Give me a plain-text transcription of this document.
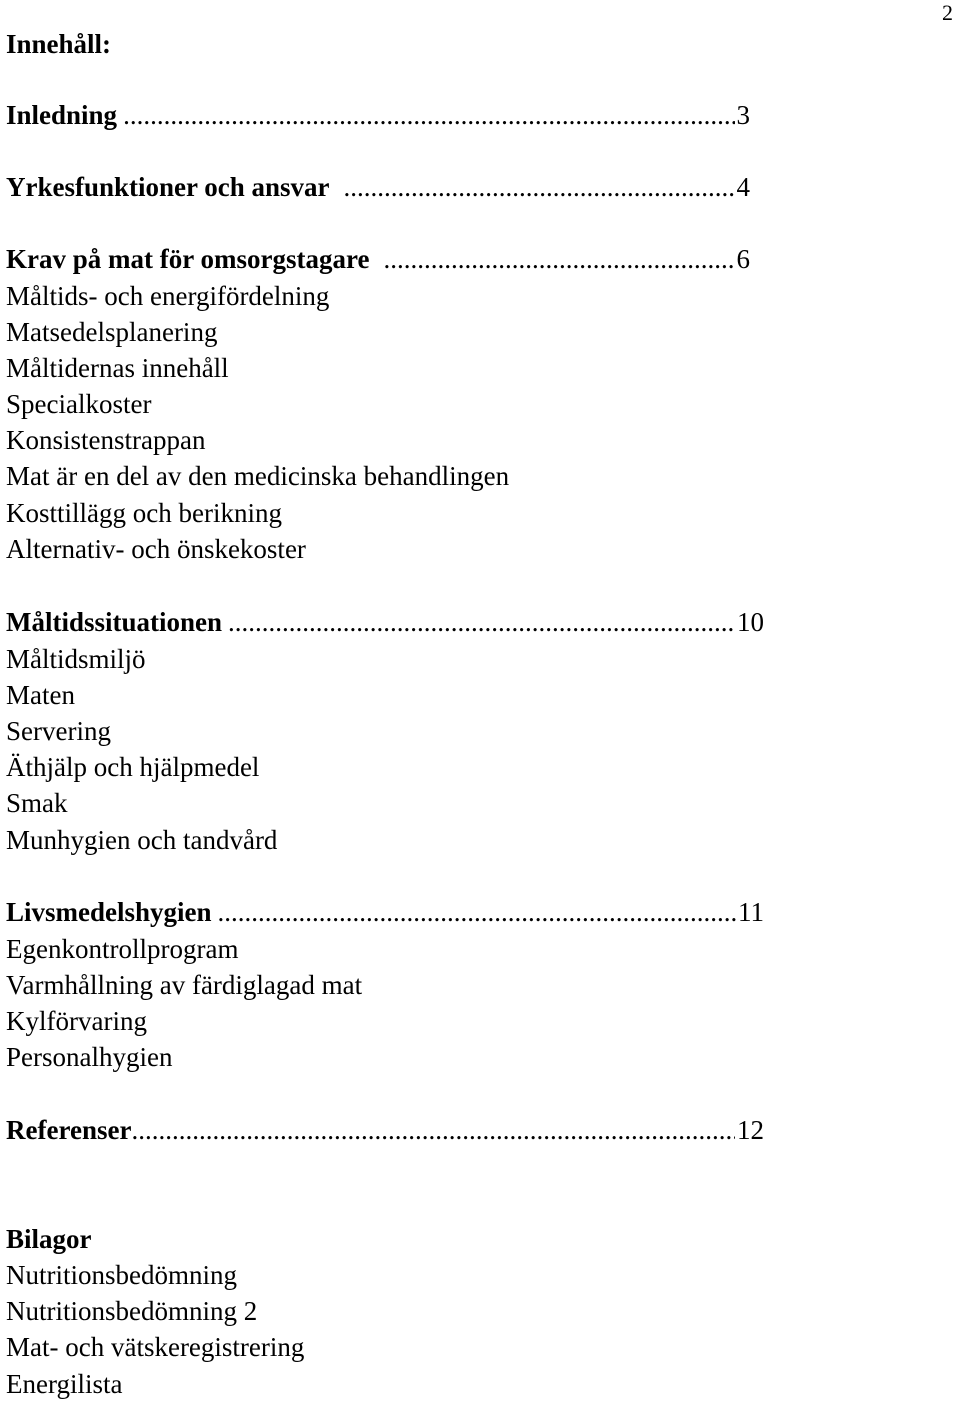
2
Innehåll:
Inledning .....	3
Yrkesfunktioner och ansvar .....	4
Krav på mat för omsorgstagare .....	6
Måltids- och energifördelning
Matsedelsplanering
Måltidernas innehåll
Specialkoster
Konsistenstrappan
Mat är en del av den medicinska behandlingen
Kosttillägg och berikning
Alternativ- och önskekoster
Måltidssituationen .....	10
Måltidsmiljö
Maten
Servering
Äthjälp och hjälpmedel
Smak
Munhygien och tandvård
Livsmedelshygien .....	11
Egenkontrollprogram
Varmhållning av färdiglagad mat
Kylförvaring
Personalhygien
Referenser .....	12
Bilagor
Nutritionsbedömning
Nutritionsbedömning 2
Mat- och vätskeregistrering
Energilista
